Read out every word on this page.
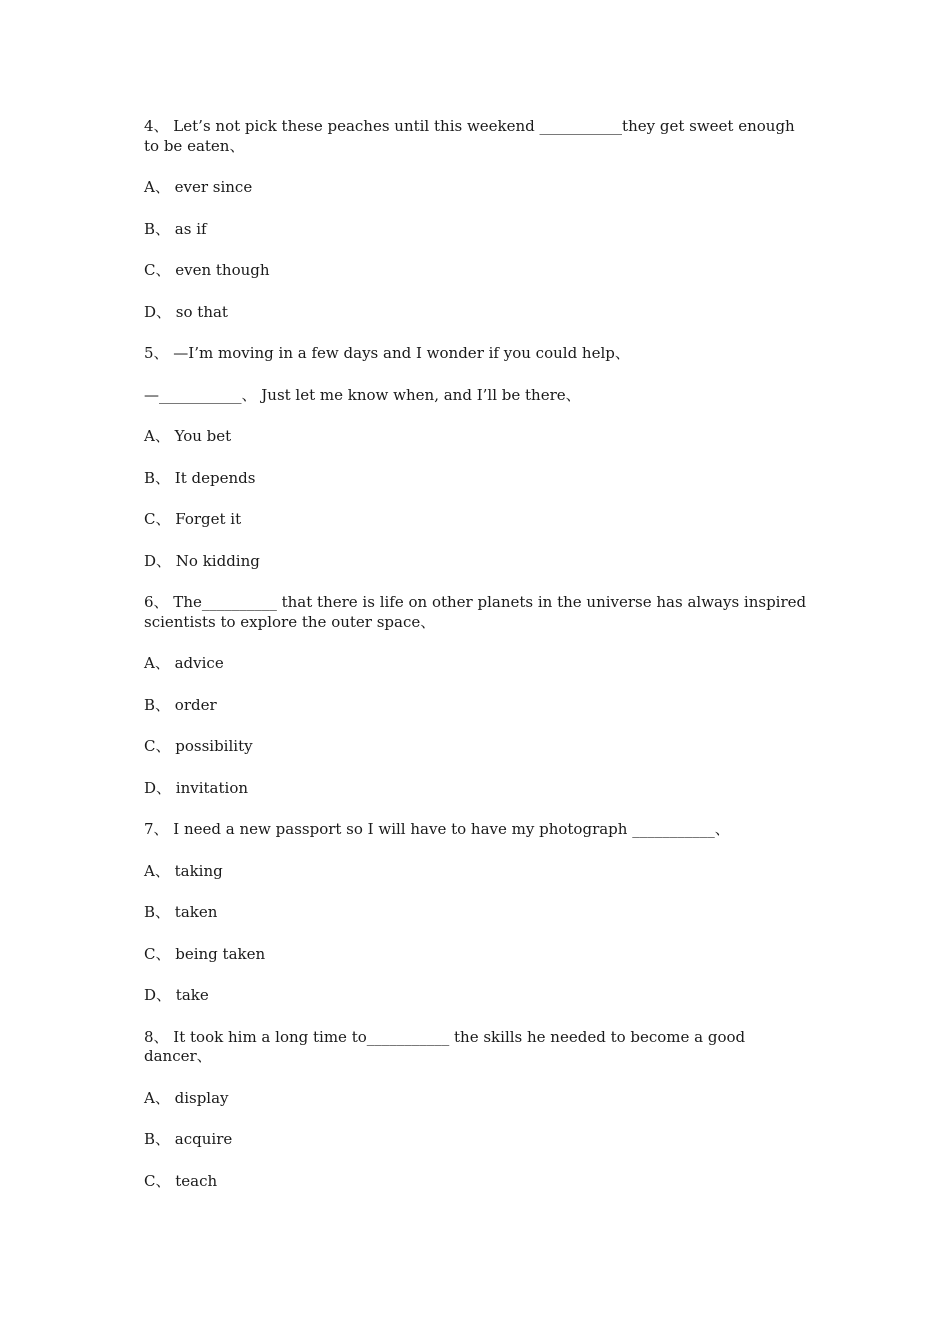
4、 Let’s not pick these peaches until this weekend ___________they get sweet enough to be eaten、
A、 ever since
B、 as if
C、 even though
D、 so that
5、 —I’m moving in a few days and I wonder if you could help、
—___________、 Just let me know when, and I’ll be there、
A、 You bet
B、 It depends
C、 Forget it
D、 No kidding
6、 The__________ that there is life on other planets in the universe has always inspired scientists to explore the outer space、
A、 advice
B、 order
C、 possibility
D、 invitation
7、 I need a new passport so I will have to have my photograph ___________、
A、 taking
B、 taken
C、 being taken
D、 take
8、 It took him a long time to___________ the skills he needed to become a good dancer、
A、 display
B、 acquire
C、 teach
